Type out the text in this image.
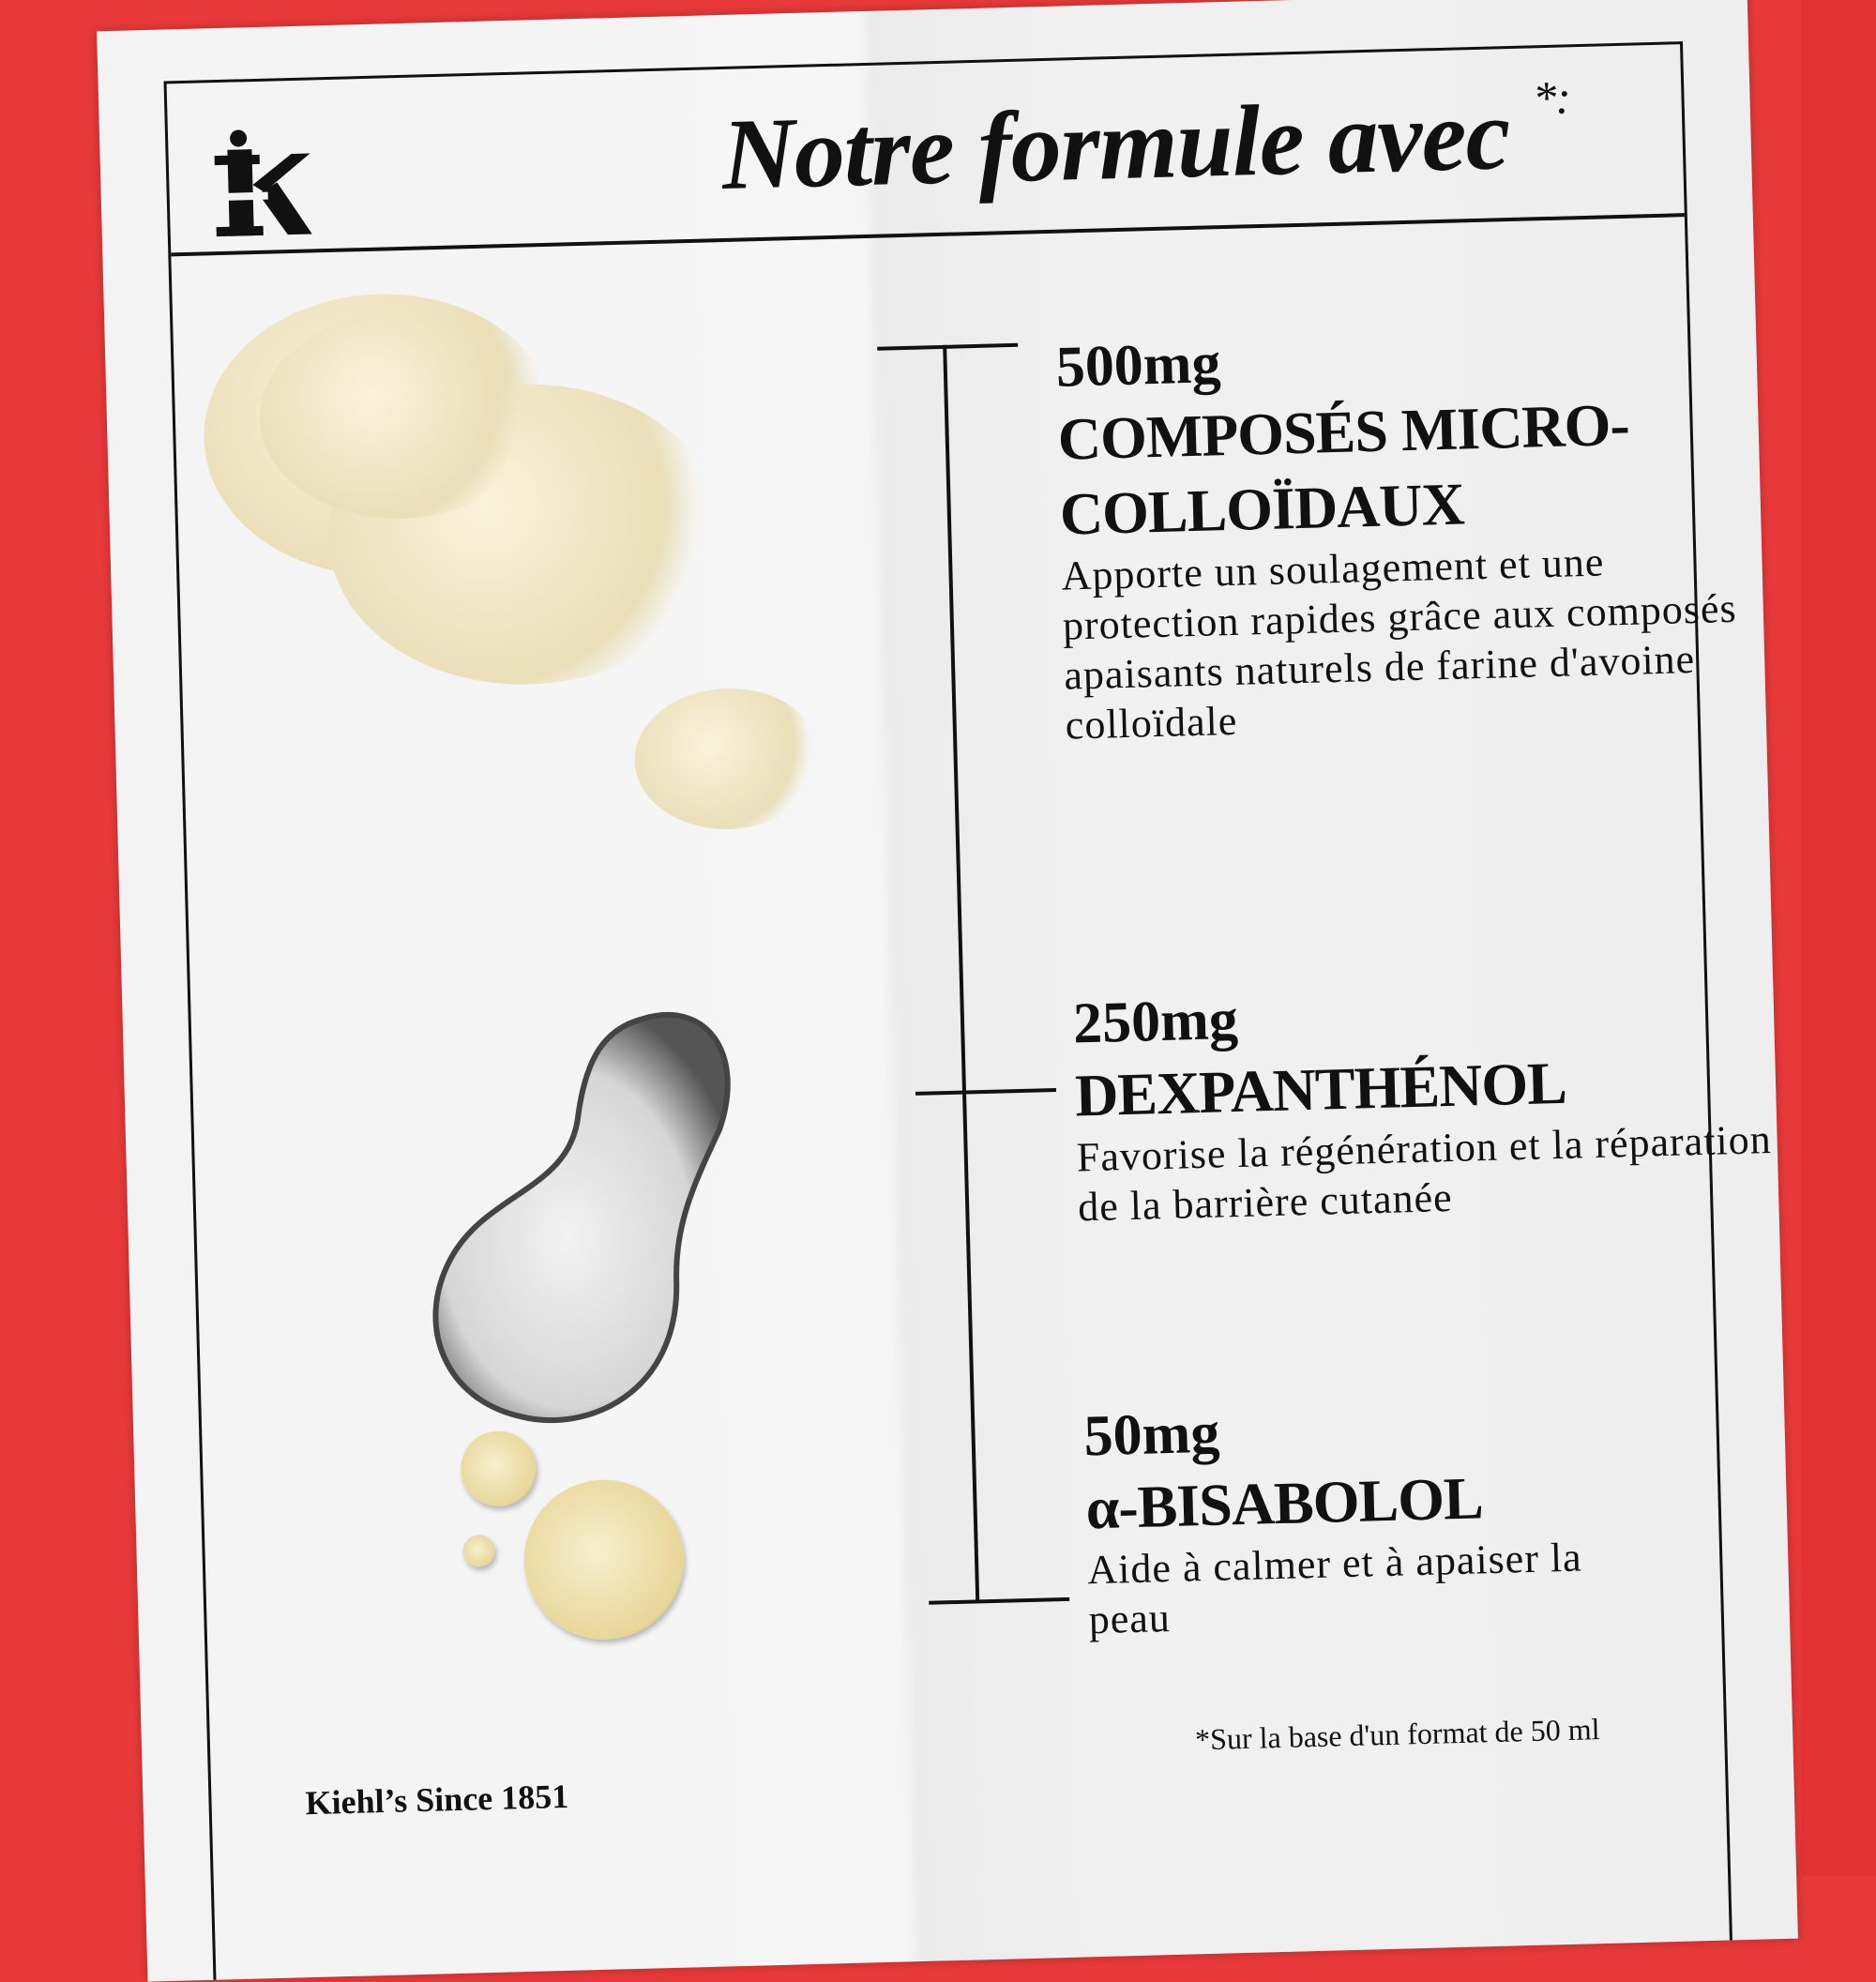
Notre formule avec *:
500mg
COMPOSÉS MICRO-COLLOÏDAUX
Apporte un soulagement et une protection rapides grâce aux composés apaisants naturels de farine d'avoine colloïdale
250mg
DEXPANTHÉNOL
Favorise la régénération et la réparation de la barrière cutanée
50mg
α-BISABOLOL
Aide à calmer et à apaiser la peau
Kiehl’s Since 1851
*Sur la base d'un format de 50 ml
